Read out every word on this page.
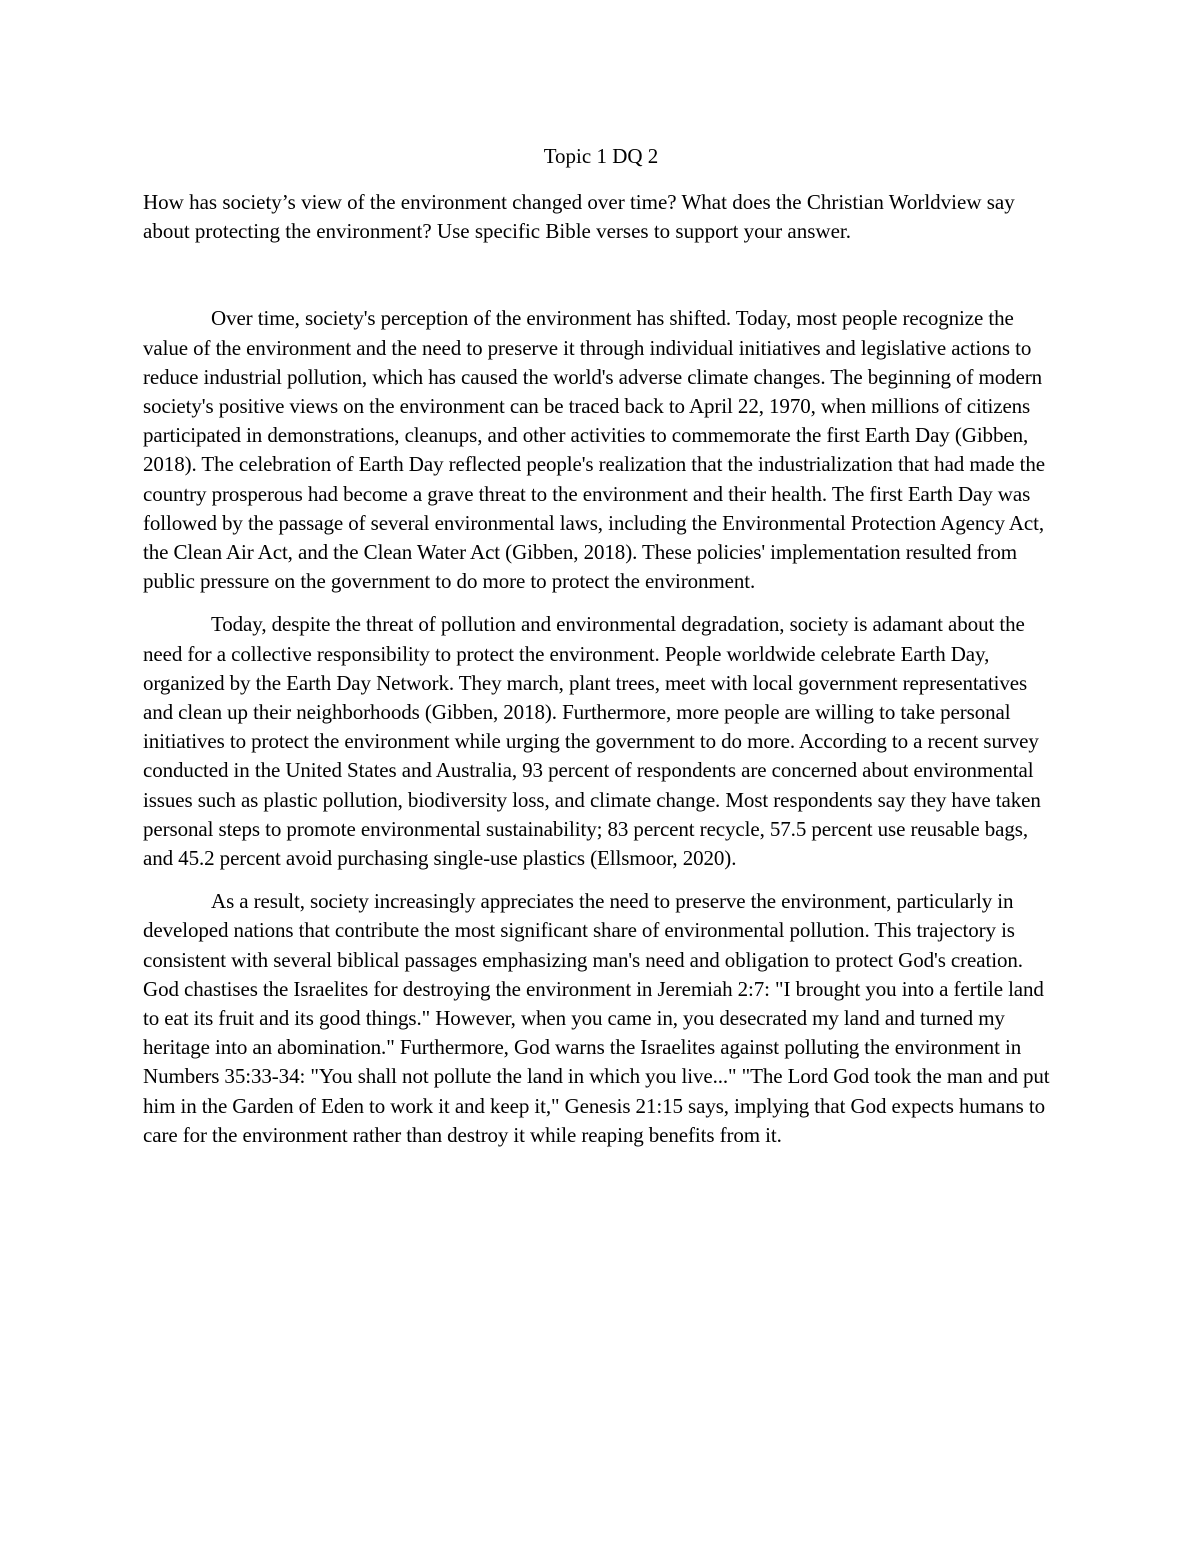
Topic 1 DQ 2

How has society’s view of the environment changed over time? What does the Christian Worldview say about protecting the environment? Use specific Bible verses to support your answer.

Over time, society's perception of the environment has shifted. Today, most people recognize the value of the environment and the need to preserve it through individual initiatives and legislative actions to reduce industrial pollution, which has caused the world's adverse climate changes. The beginning of modern society's positive views on the environment can be traced back to April 22, 1970, when millions of citizens participated in demonstrations, cleanups, and other activities to commemorate the first Earth Day (Gibben, 2018). The celebration of Earth Day reflected people's realization that the industrialization that had made the country prosperous had become a grave threat to the environment and their health. The first Earth Day was followed by the passage of several environmental laws, including the Environmental Protection Agency Act, the Clean Air Act, and the Clean Water Act (Gibben, 2018). These policies' implementation resulted from public pressure on the government to do more to protect the environment.

Today, despite the threat of pollution and environmental degradation, society is adamant about the need for a collective responsibility to protect the environment. People worldwide celebrate Earth Day, organized by the Earth Day Network. They march, plant trees, meet with local government representatives and clean up their neighborhoods (Gibben, 2018). Furthermore, more people are willing to take personal initiatives to protect the environment while urging the government to do more. According to a recent survey conducted in the United States and Australia, 93 percent of respondents are concerned about environmental issues such as plastic pollution, biodiversity loss, and climate change. Most respondents say they have taken personal steps to promote environmental sustainability; 83 percent recycle, 57.5 percent use reusable bags, and 45.2 percent avoid purchasing single-use plastics (Ellsmoor, 2020).

As a result, society increasingly appreciates the need to preserve the environment, particularly in developed nations that contribute the most significant share of environmental pollution. This trajectory is consistent with several biblical passages emphasizing man's need and obligation to protect God's creation. God chastises the Israelites for destroying the environment in Jeremiah 2:7: "I brought you into a fertile land to eat its fruit and its good things." However, when you came in, you desecrated my land and turned my heritage into an abomination." Furthermore, God warns the Israelites against polluting the environment in Numbers 35:33-34: "You shall not pollute the land in which you live..." "The Lord God took the man and put him in the Garden of Eden to work it and keep it," Genesis 21:15 says, implying that God expects humans to care for the environment rather than destroy it while reaping benefits from it.
